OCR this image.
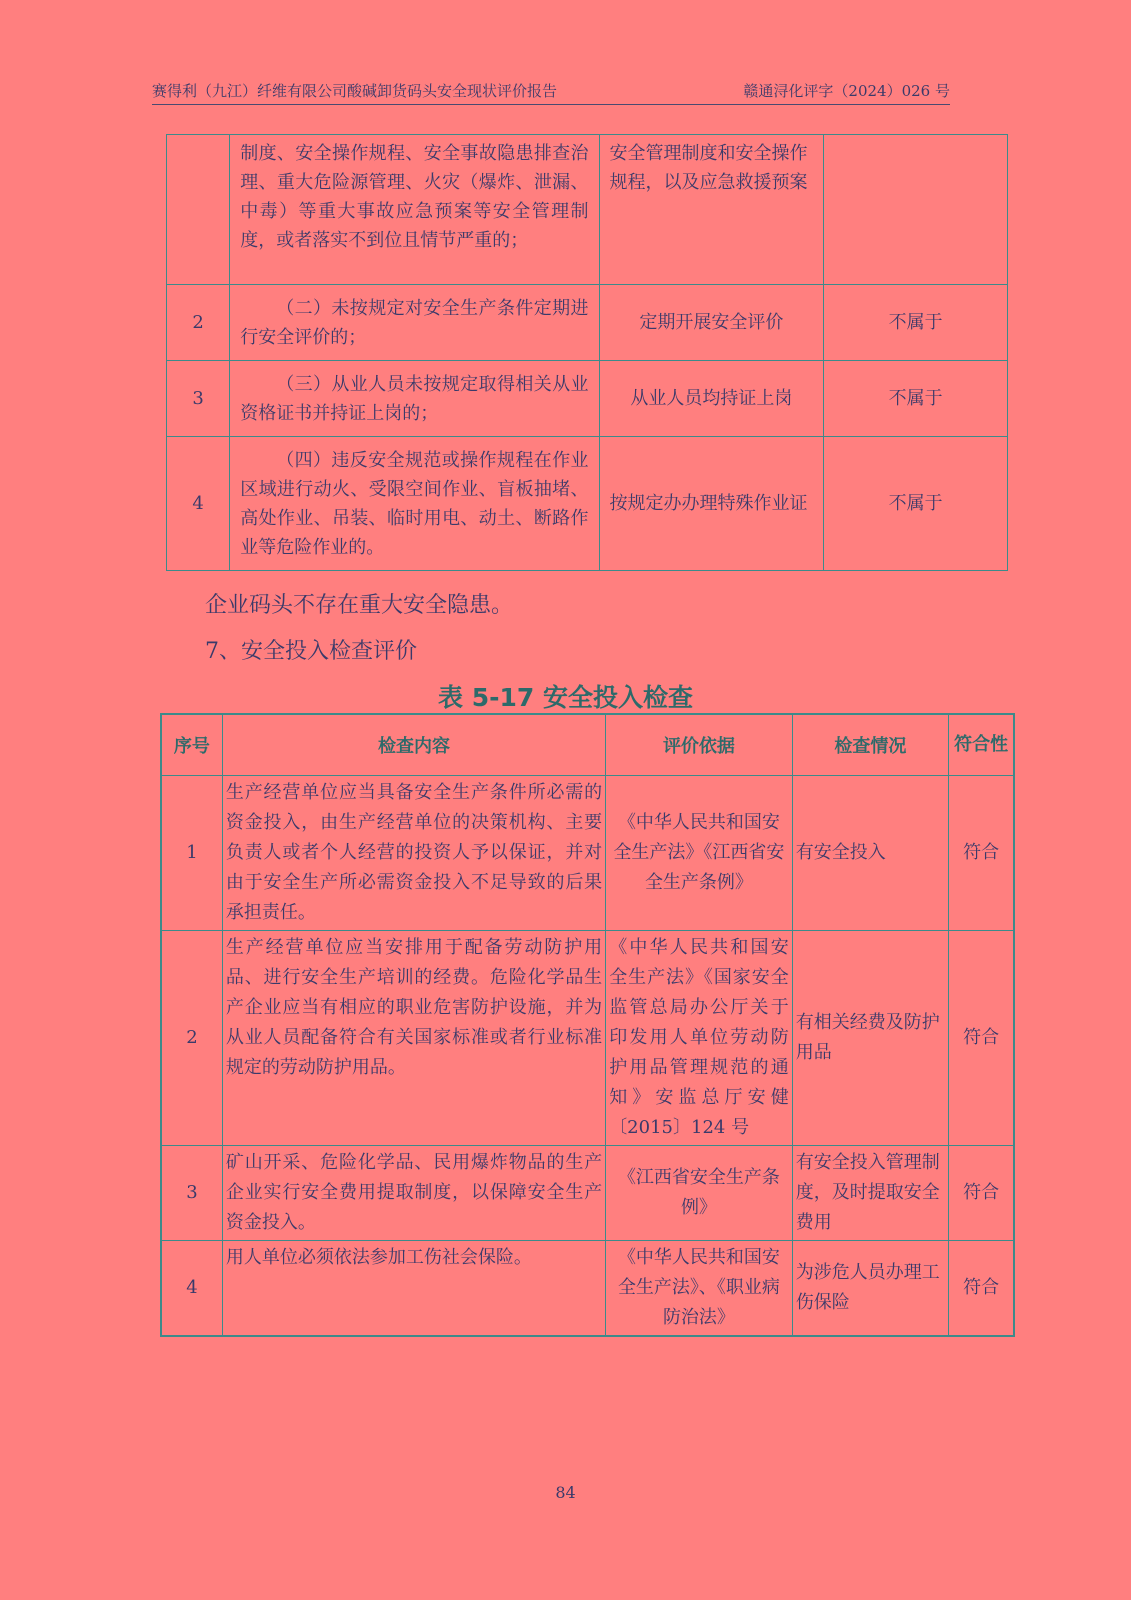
赛得利（九江）纤维有限公司酸碱卸货码头安全现状评价报告	赣通浔化评字（2024）026 号
	制度、安全操作规程、安全事故隐患排查治理、重大危险源管理、火灾（爆炸、泄漏、中毒）等重大事故应急预案等安全管理制度，或者落实不到位且情节严重的；	安全管理制度和安全操作规程，以及应急救援预案	
2	（二）未按规定对安全生产条件定期进行安全评价的；	定期开展安全评价	不属于
3	（三）从业人员未按规定取得相关从业资格证书并持证上岗的；	从业人员均持证上岗	不属于
4	（四）违反安全规范或操作规程在作业区域进行动火、受限空间作业、盲板抽堵、高处作业、吊装、临时用电、动土、断路作业等危险作业的。	按规定办办理特殊作业证	不属于
企业码头不存在重大安全隐患。
7、安全投入检查评价
表 5-17 安全投入检查
序号	检查内容	评价依据	检查情况	符合性
1	生产经营单位应当具备安全生产条件所必需的资金投入，由生产经营单位的决策机构、主要负责人或者个人经营的投资人予以保证，并对由于安全生产所必需资金投入不足导致的后果承担责任。	《中华人民共和国安全生产法》《江西省安全生产条例》	有安全投入	符合
2	生产经营单位应当安排用于配备劳动防护用品、进行安全生产培训的经费。危险化学品生产企业应当有相应的职业危害防护设施，并为从业人员配备符合有关国家标准或者行业标准规定的劳动防护用品。	《中华人民共和国安全生产法》《国家安全监管总局办公厅关于印发用人单位劳动防护用品管理规范的通知》安监总厅安健〔2015〕124 号	有相关经费及防护用品	符合
3	矿山开采、危险化学品、民用爆炸物品的生产企业实行安全费用提取制度，以保障安全生产资金投入。	《江西省安全生产条例》	有安全投入管理制度，及时提取安全费用	符合
4	用人单位必须依法参加工伤社会保险。	《中华人民共和国安全生产法》、《职业病防治法》	为涉危人员办理工伤保险	符合
84
